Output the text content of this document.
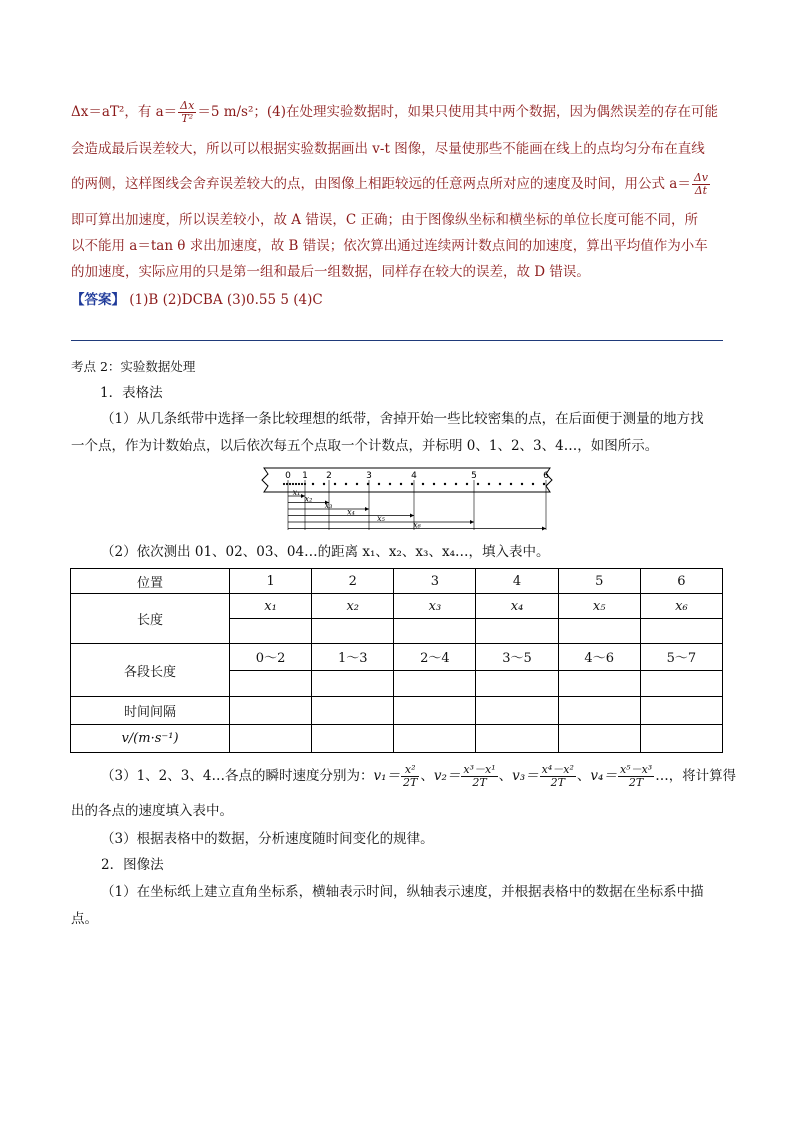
Δx＝aT²，有 $a= \frac{\Delta x}{\text{T²}} =5$ m/s²；(4)在处理实验数据时，如果只使用其中两个数据，因为偶然误差的存在可能
会造成最后误差较大，所以可以根据实验数据画出 v-t 图像，尽量使那些不能画在线上的点均匀分布在直线
的两侧，这样图线会舍弃误差较大的点，由图像上相距较远的任意两点所对应的速度及时间，用公式 $a= \frac{\Delta v}{\Delta t}$
即可算出加速度，所以误差较小，故 A 错误，C 正确；由于图像纵坐标和横坐标的单位长度可能不同，所
以不能用 a＝tan θ 求出加速度，故 B 错误；依次算出通过连续两计数点间的加速度，算出平均值作为小车
的加速度，实际应用的只是第一组和最后一组数据，同样存在较大的误差，故 D 错误。
【答案】 (1)B (2)DCBA (3)0.55 5 (4)C
考点 2：实验数据处理
1．表格法
（1）从几条纸带中选择一条比较理想的纸带，舍掉开始一些比较密集的点，在后面便于测量的地方找
一个点，作为计数始点，以后依次每五个点取一个计数点，并标明 0、1、2、3、4…，如图所示。
0 1 2	3	4	5	6
x₁
x₂
x₃
x₄
x₅
x₆
（2）依次测出 01、02、03、04…的距离 x₁、x₂、x₃、x₄…，填入表中。
位置	1	2	3	4	5	6
长度	x₁	x₂	x₃	x₄	x₅	x₆

各段长度	0～2	1～3	2～4	3～5	4～6	5～7

时间间隔						
v/(m·s⁻¹)						
（3）1、2、3、4…各点的瞬时速度分别为：$v_1= \frac{\text{x²}}{2T}$ 、$v_2= \frac{\text{x³－x¹}}{2T}$ 、$v_3= \frac{\text{x⁴－x²}}{2T}$ 、$v_4= \frac{\text{x⁵－x³}}{2T}$ …，将计算得
出的各点的速度填入表中。
（3）根据表格中的数据，分析速度随时间变化的规律。
2．图像法
（1）在坐标纸上建立直角坐标系，横轴表示时间，纵轴表示速度，并根据表格中的数据在坐标系中描
点。
